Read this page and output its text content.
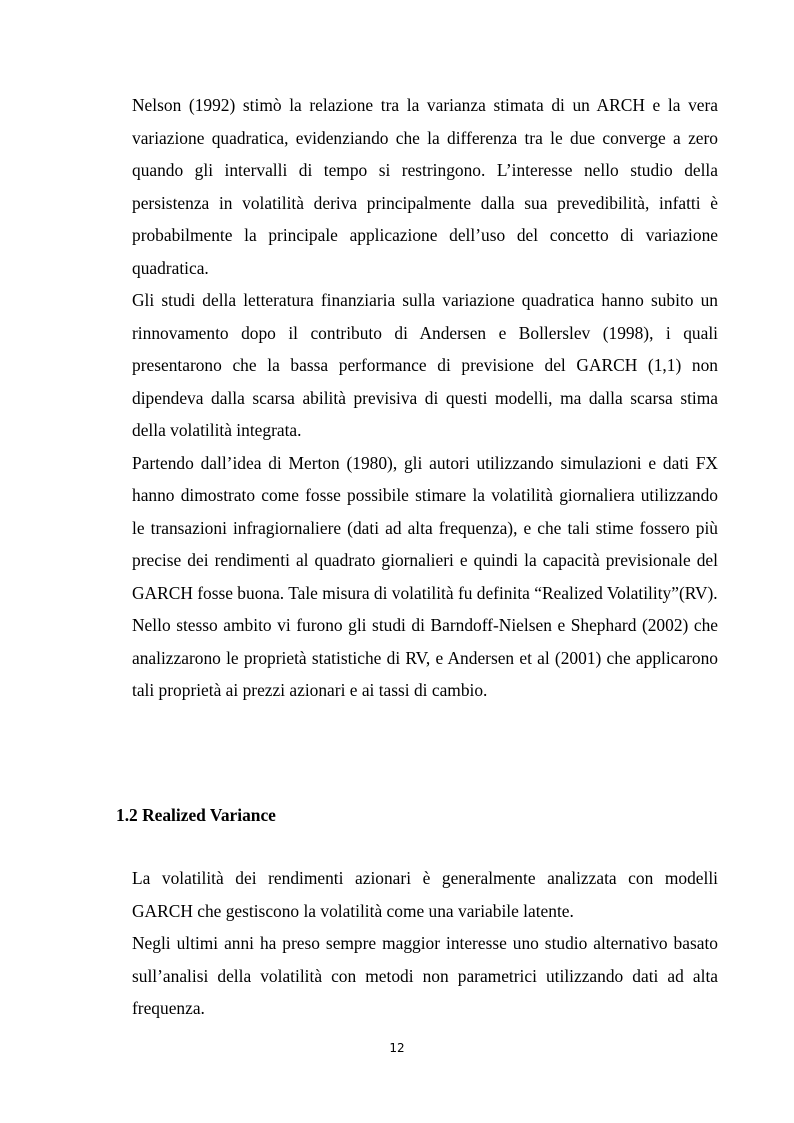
Nelson (1992) stimò la relazione tra la varianza stimata di un ARCH e la vera variazione quadratica, evidenziando che la differenza tra le due converge a zero quando gli intervalli di tempo si restringono. L’interesse nello studio della persistenza in volatilità deriva principalmente dalla sua prevedibilità, infatti è probabilmente la principale applicazione dell’uso del concetto di variazione quadratica.

Gli studi della letteratura finanziaria sulla variazione quadratica hanno subito un rinnovamento dopo il contributo di Andersen e Bollerslev (1998), i quali presentarono che la bassa performance di previsione del GARCH (1,1) non dipendeva dalla scarsa abilità previsiva di questi modelli, ma dalla scarsa stima della volatilità integrata.

Partendo dall’idea di Merton (1980), gli autori utilizzando simulazioni e dati FX hanno dimostrato come fosse possibile stimare la volatilità giornaliera utilizzando le transazioni infragiornaliere (dati ad alta frequenza), e che tali stime fossero più precise dei rendimenti al quadrato giornalieri e quindi la capacità previsionale del GARCH fosse buona. Tale misura di volatilità fu definita “Realized Volatility”(RV).

Nello stesso ambito vi furono gli studi di Barndoff-Nielsen e Shephard (2002) che analizzarono le proprietà statistiche di RV, e Andersen et al (2001) che applicarono tali proprietà ai prezzi azionari e ai tassi di cambio.

1.2 Realized Variance

La volatilità dei rendimenti azionari è generalmente analizzata con modelli GARCH che gestiscono la volatilità come una variabile latente.

Negli ultimi anni ha preso sempre maggior interesse uno studio alternativo basato sull’analisi della volatilità con metodi non parametrici utilizzando dati ad alta frequenza.

12
